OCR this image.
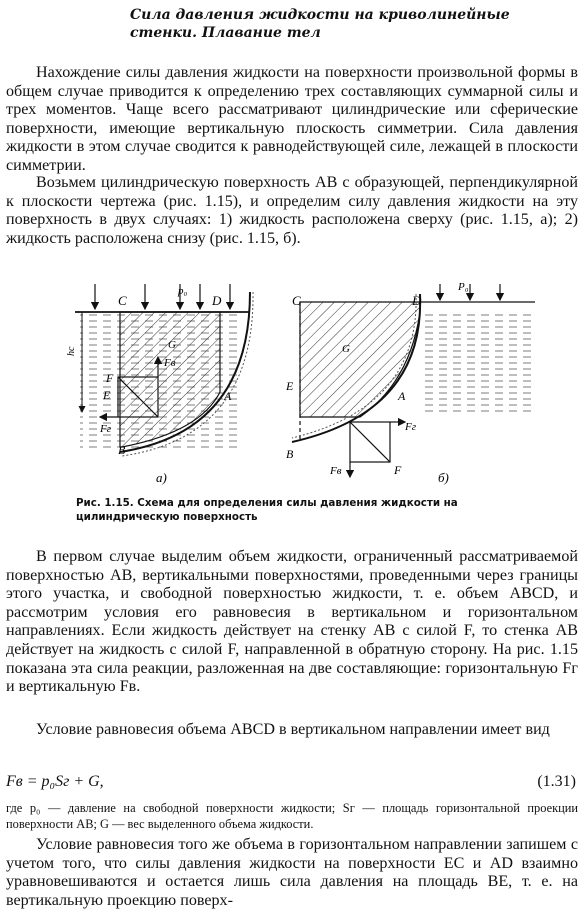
Сила давления жидкости на криволинейные стенки. Плавание тел
Нахождение силы давления жидкости на поверхности произвольной формы в общем случае приводится к определению трех составляющих суммарной силы и трех моментов. Чаще всего рассматривают цилиндрические или сферические поверхности, имеющие вертикальную плоскость симметрии. Сила давления жидкости в этом случае сводится к равнодействующей силе, лежащей в плоскости симметрии.
Возьмем цилиндрическую поверхность AB с образующей, перпендикулярной к плоскости чертежа (рис. 1.15), и определим силу давления жидкости на эту поверхность в двух случаях: 1) жидкость расположена сверху (рис. 1.15, а); 2) жидкость расположена снизу (рис. 1.15, б).
C	D
p₀
G
hc
F
Fв
E	A
Fг
B
а)
C	D
P₀
G
E
A
Fг
B
Fв	F	б)
Рис. 1.15. Схема для определения силы давления жидкости на цилиндрическую поверхность
В первом случае выделим объем жидкости, ограниченный рассматриваемой поверхностью AB, вертикальными поверхностями, проведенными через границы этого участка, и свободной поверхностью жидкости, т. е. объем ABCD, и рассмотрим условия его равновесия в вертикальном и горизонтальном направлениях. Если жидкость действует на стенку AB с силой F, то стенка AB действует на жидкость с силой F, направленной в обратную сторону. На рис. 1.15 показана эта сила реакции, разложенная на две составляющие: горизонтальную Fг и вертикальную Fв.
Условие равновесия объема ABCD в вертикальном направлении имеет вид
Fв = p₀Sг + G,	(1.31)
где p₀ — давление на свободной поверхности жидкости; Sг — площадь горизонтальной проекции поверхности AB; G — вес выделенного объема жидкости.
Условие равновесия того же объема в горизонтальном направлении запишем с учетом того, что силы давления жидкости на поверхности EC и AD взаимно уравновешиваются и остается лишь сила давления на площадь BE, т. е. на вертикальную проекцию поверх-
